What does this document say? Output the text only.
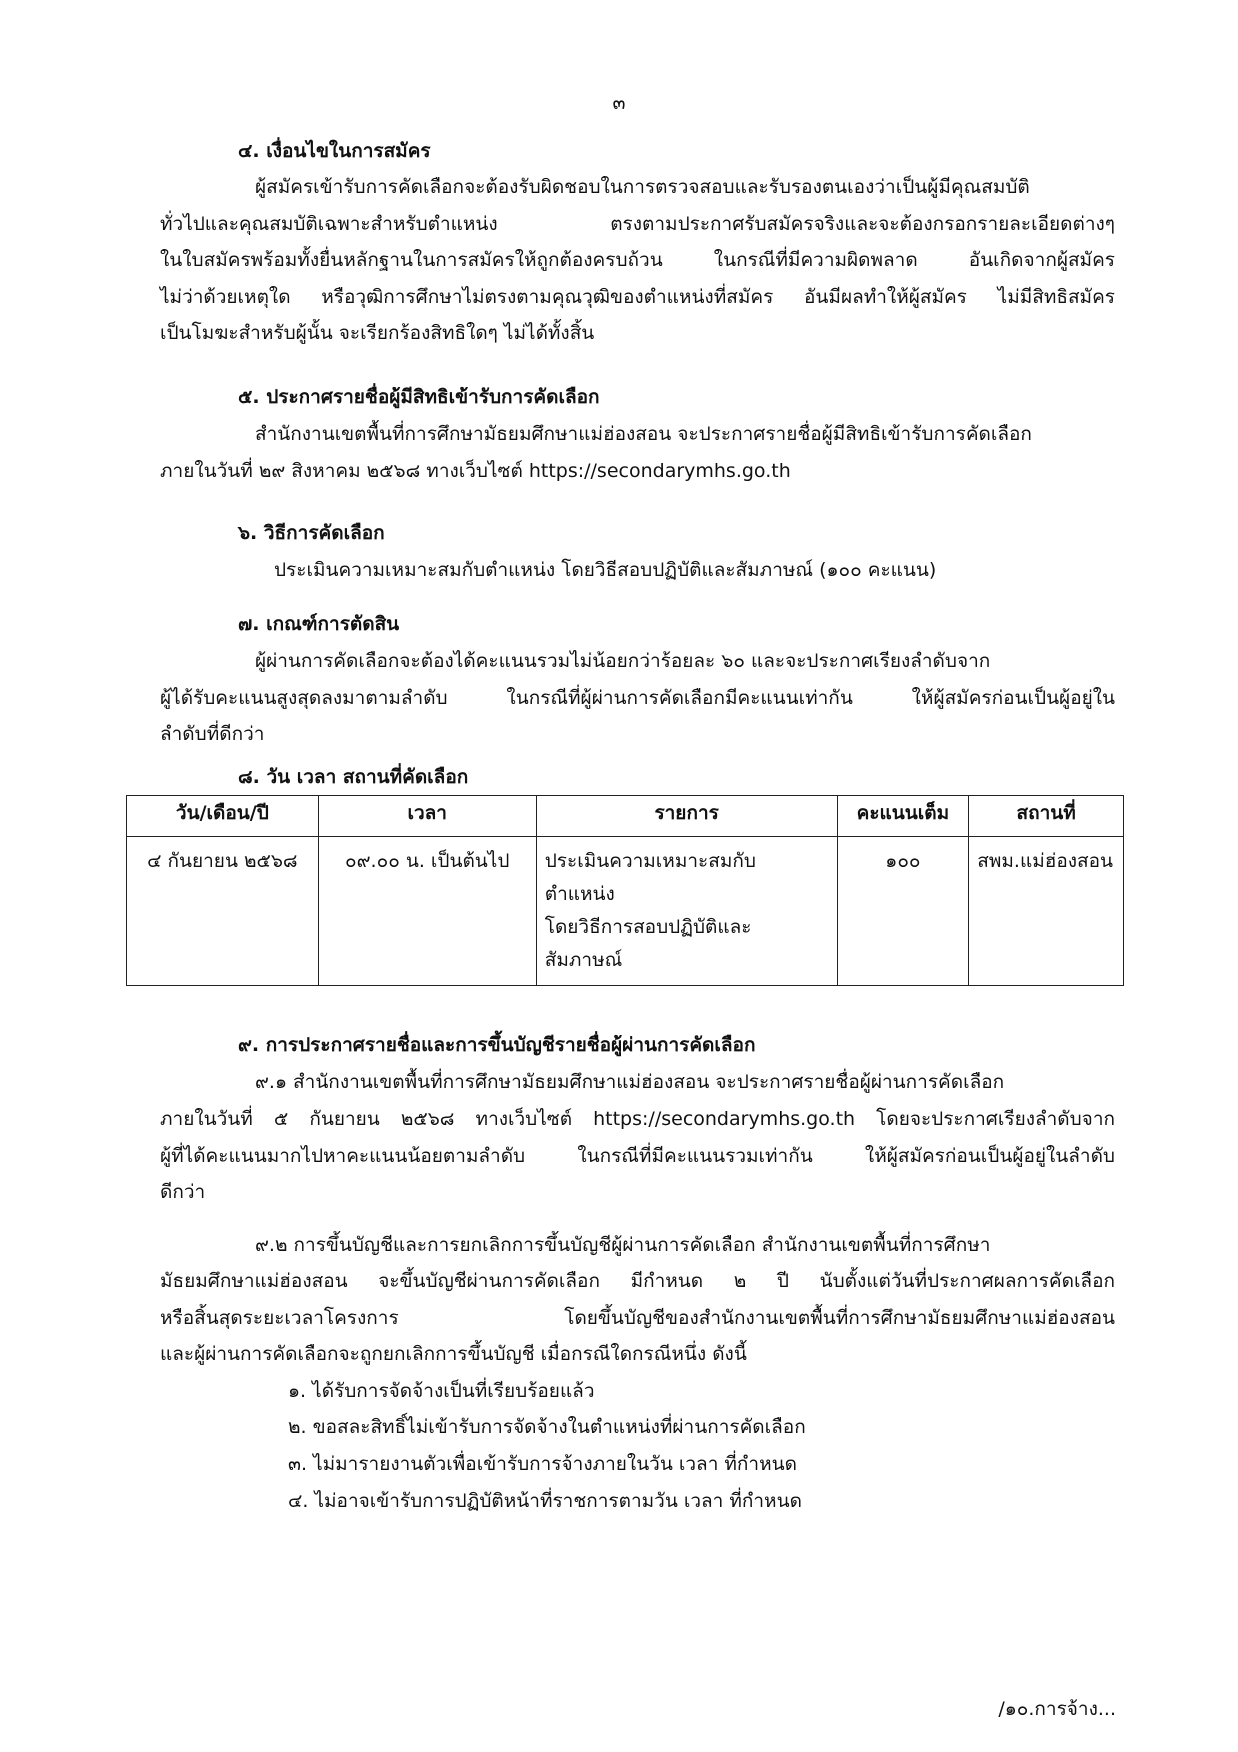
๓
๔. เงื่อนไขในการสมัคร
ผู้สมัครเข้ารับการคัดเลือกจะต้องรับผิดชอบในการตรวจสอบและรับรองตนเองว่าเป็นผู้มีคุณสมบัติ
ทั่วไปและคุณสมบัติเฉพาะสำหรับตำแหน่ง ตรงตามประกาศรับสมัครจริงและจะต้องกรอกรายละเอียดต่างๆ
ในใบสมัครพร้อมทั้งยื่นหลักฐานในการสมัครให้ถูกต้องครบถ้วน ในกรณีที่มีความผิดพลาด อันเกิดจากผู้สมัคร
ไม่ว่าด้วยเหตุใด หรือวุฒิการศึกษาไม่ตรงตามคุณวุฒิของตำแหน่งที่สมัคร อันมีผลทำให้ผู้สมัคร ไม่มีสิทธิสมัคร
เป็นโมฆะสำหรับผู้นั้น จะเรียกร้องสิทธิใดๆ ไม่ได้ทั้งสิ้น
๕. ประกาศรายชื่อผู้มีสิทธิเข้ารับการคัดเลือก
สำนักงานเขตพื้นที่การศึกษามัธยมศึกษาแม่ฮ่องสอน จะประกาศรายชื่อผู้มีสิทธิเข้ารับการคัดเลือก
ภายในวันที่ ๒๙ สิงหาคม ๒๕๖๘ ทางเว็บไซต์ https://secondarymhs.go.th
๖. วิธีการคัดเลือก
ประเมินความเหมาะสมกับตำแหน่ง โดยวิธีสอบปฏิบัติและสัมภาษณ์ (๑๐๐ คะแนน)
๗. เกณฑ์การตัดสิน
ผู้ผ่านการคัดเลือกจะต้องได้คะแนนรวมไม่น้อยกว่าร้อยละ ๖๐ และจะประกาศเรียงลำดับจาก
ผู้ได้รับคะแนนสูงสุดลงมาตามลำดับ ในกรณีที่ผู้ผ่านการคัดเลือกมีคะแนนเท่ากัน ให้ผู้สมัครก่อนเป็นผู้อยู่ใน
ลำดับที่ดีกว่า
๘. วัน เวลา สถานที่คัดเลือก
วัน/เดือน/ปี	เวลา	รายการ	คะแนนเต็ม	สถานที่
๔ กันยายน ๒๕๖๘	๐๙.๐๐ น. เป็นต้นไป	ประเมินความเหมาะสมกับ
ตำแหน่ง
โดยวิธีการสอบปฏิบัติและ
สัมภาษณ์	๑๐๐	สพม.แม่ฮ่องสอน
๙. การประกาศรายชื่อและการขึ้นบัญชีรายชื่อผู้ผ่านการคัดเลือก
๙.๑ สำนักงานเขตพื้นที่การศึกษามัธยมศึกษาแม่ฮ่องสอน จะประกาศรายชื่อผู้ผ่านการคัดเลือก
ภายในวันที่ ๕ กันยายน ๒๕๖๘ ทางเว็บไซต์ https://secondarymhs.go.th โดยจะประกาศเรียงลำดับจาก
ผู้ที่ได้คะแนนมากไปหาคะแนนน้อยตามลำดับ ในกรณีที่มีคะแนนรวมเท่ากัน ให้ผู้สมัครก่อนเป็นผู้อยู่ในลำดับ
ดีกว่า
๙.๒ การขึ้นบัญชีและการยกเลิกการขึ้นบัญชีผู้ผ่านการคัดเลือก สำนักงานเขตพื้นที่การศึกษา
มัธยมศึกษาแม่ฮ่องสอน จะขึ้นบัญชีผ่านการคัดเลือก มีกำหนด ๒ ปี นับตั้งแต่วันที่ประกาศผลการคัดเลือก
หรือสิ้นสุดระยะเวลาโครงการ โดยขึ้นบัญชีของสำนักงานเขตพื้นที่การศึกษามัธยมศึกษาแม่ฮ่องสอน
และผู้ผ่านการคัดเลือกจะถูกยกเลิกการขึ้นบัญชี เมื่อกรณีใดกรณีหนึ่ง ดังนี้
๑. ได้รับการจัดจ้างเป็นที่เรียบร้อยแล้ว
๒. ขอสละสิทธิ์ไม่เข้ารับการจัดจ้างในตำแหน่งที่ผ่านการคัดเลือก
๓. ไม่มารายงานตัวเพื่อเข้ารับการจ้างภายในวัน เวลา ที่กำหนด
๔. ไม่อาจเข้ารับการปฏิบัติหน้าที่ราชการตามวัน เวลา ที่กำหนด
/๑๐.การจ้าง...
